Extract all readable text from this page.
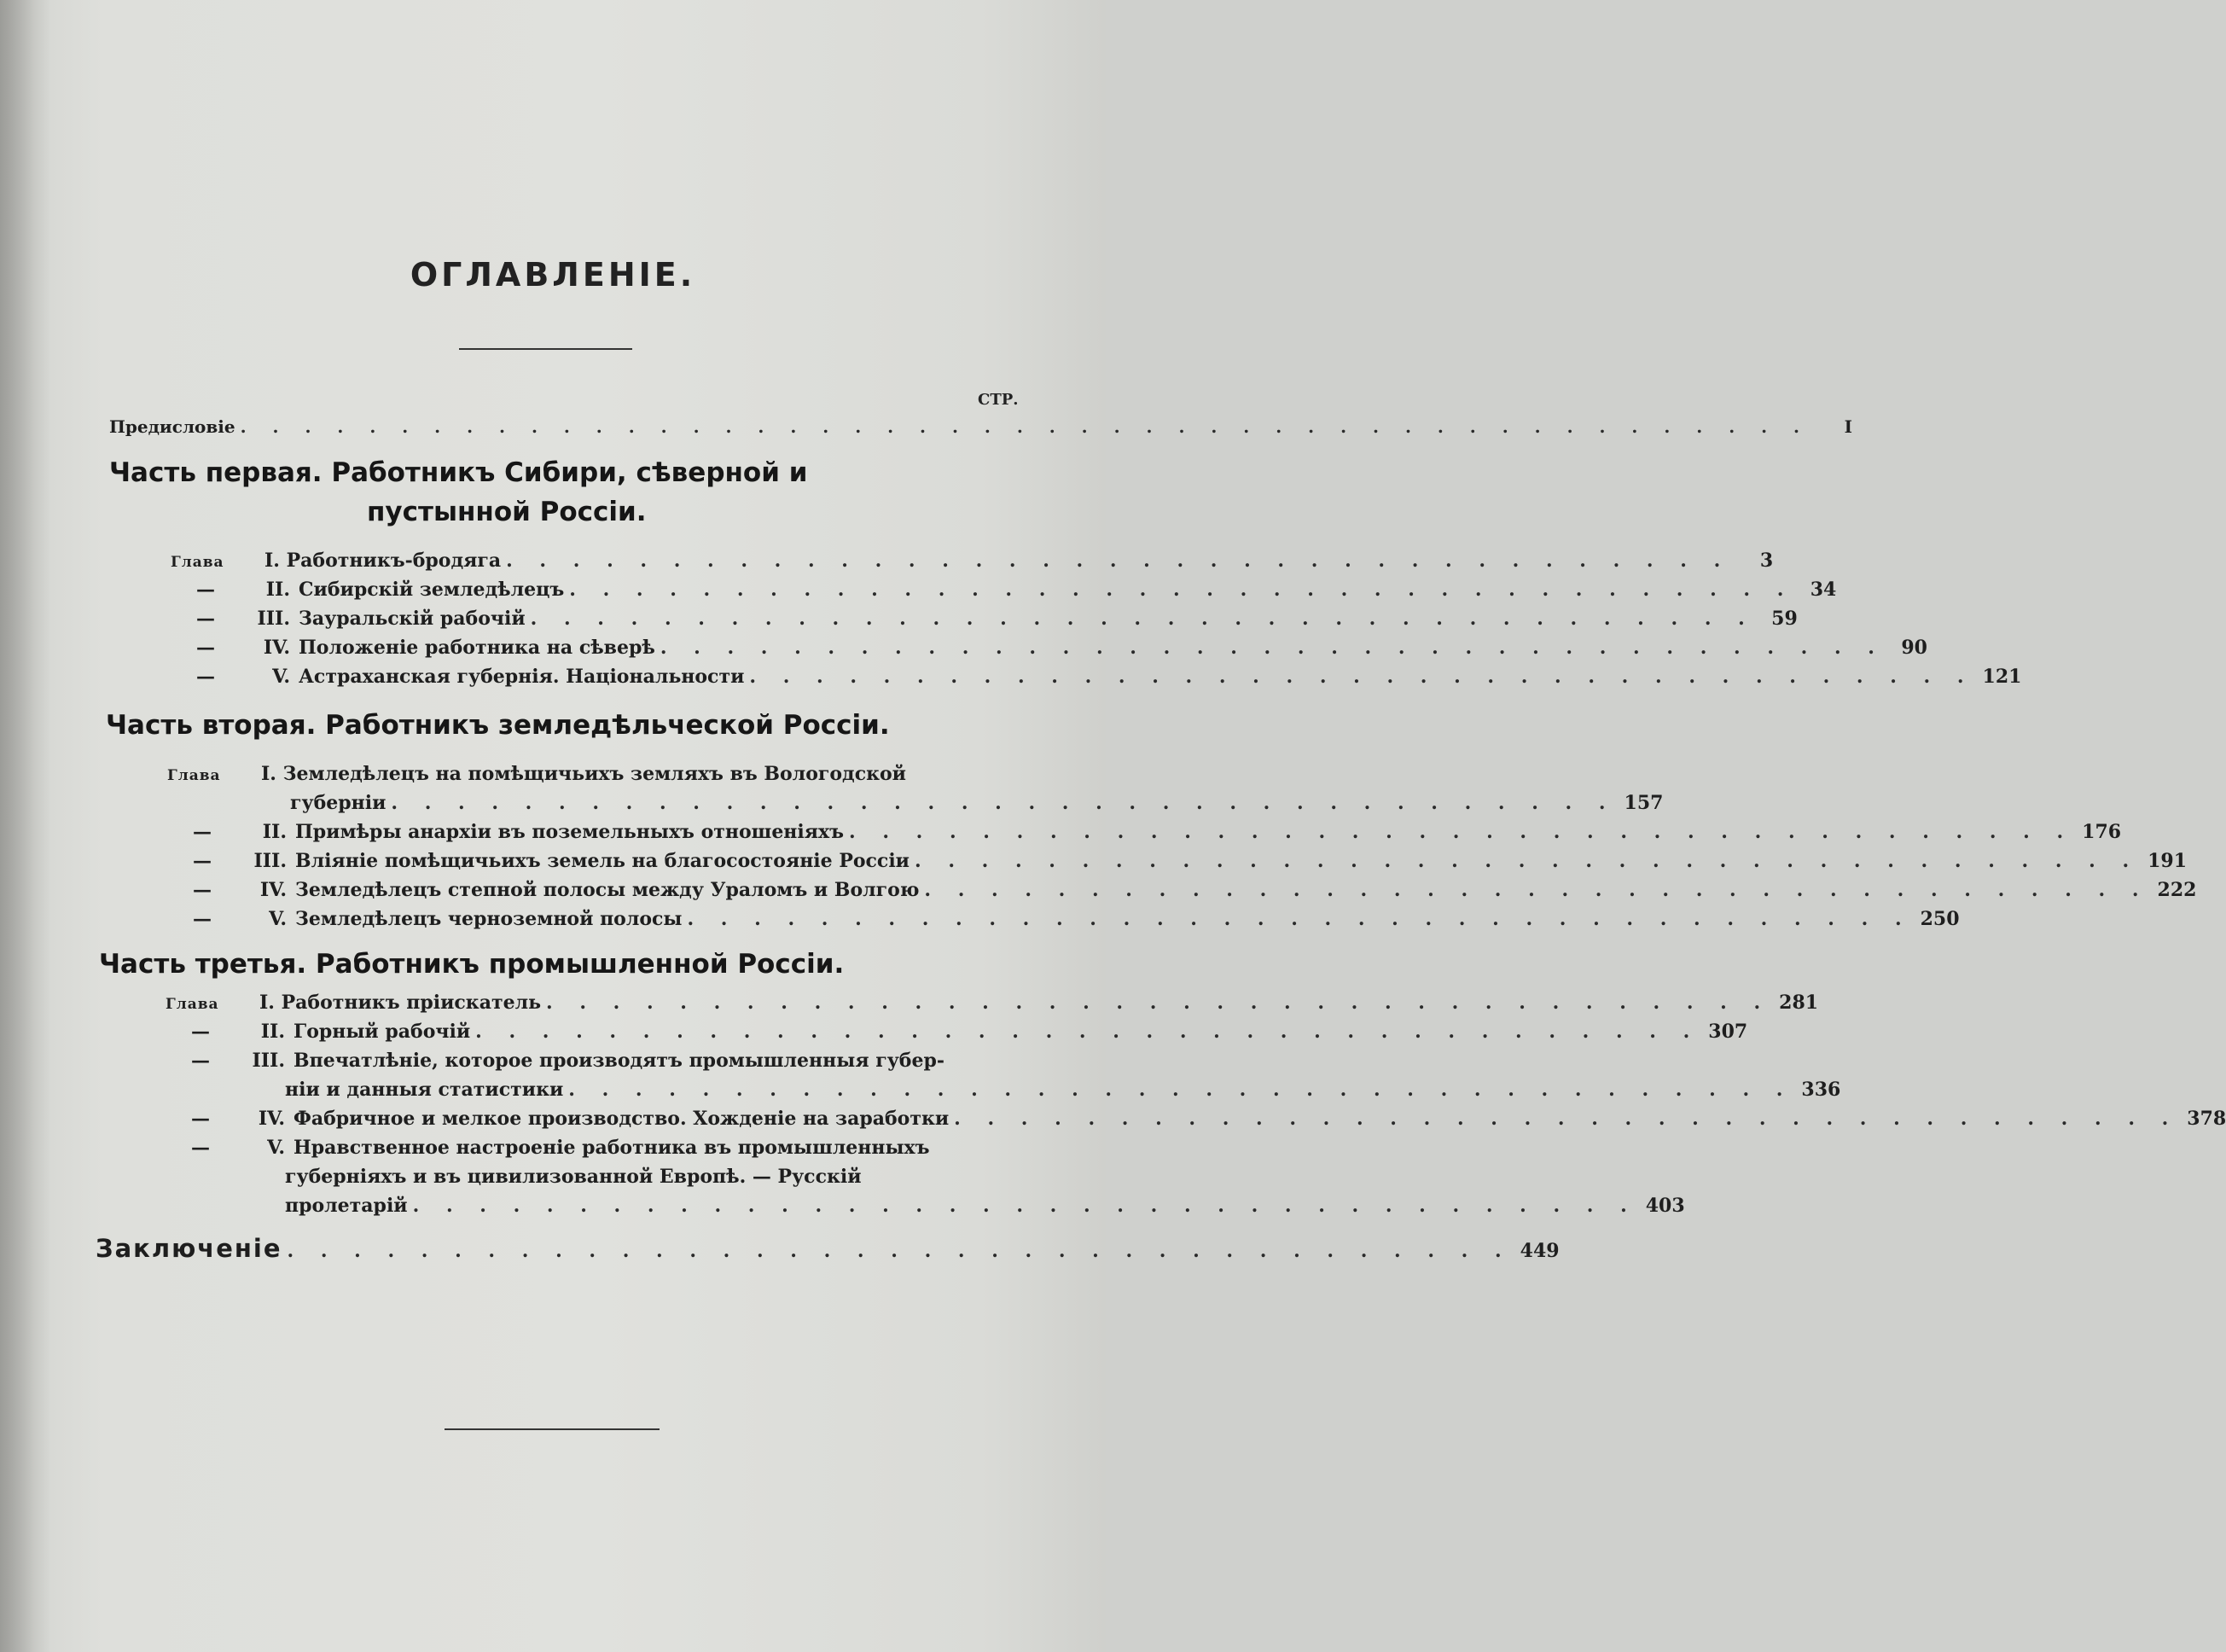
ОГЛАВЛЕНІЕ.
СТР.
Предисловіе . . . . . . . . . . . . . . . . . . . . . . . . . . . . . . . . . . . . . . . . . . . . . . . . .	I
Часть первая. Работникъ Сибири, сѣверной и
пустынной Россіи.
Глава I. Работникъ-бродяга . . . . . . . . . . . . . . . . . . . . . . . . . . . . . . . . . . . . .	3
—	II. Сибирскій земледѣлецъ . . . . . . . . . . . . . . . . . . . . . . . . . . . . . . . . . . . . . 34
— III. Зауральскій рабочій . . . . . . . . . . . . . . . . . . . . . . . . . . . . . . . . . . . . . 59
—	IV. Положеніе работника на сѣверѣ . . . . . . . . . . . . . . . . . . . . . . . . . . . . . . . . . . . . . 90
—	V. Астраханская губернія. Національности . . . . . . . . . . . . . . . . . . . . . . . . . . . . . . . . . . . . . 121
Часть вторая. Работникъ земледѣльческой Россіи.
Глава I. Земледѣлецъ на помѣщичьихъ земляхъ въ Вологодской
губерніи . . . . . . . . . . . . . . . . . . . . . . . . . . . . . . . . . . . . . 157
—	II. Примѣры анархіи въ поземельныхъ отношеніяхъ . . . . . . . . . . . . . . . . . . . . . . . . . . . . . . . . . . . . . 176
— III. Вліяніе помѣщичьихъ земель на благосостояніе Россіи . . . . . . . . . . . . . . . . . . . . . . . . . . . . . . . . . . . . . 191
—	IV. Земледѣлецъ степной полосы между Ураломъ и Волгою . . . . . . . . . . . . . . . . . . . . . . . . . . . . . . . . . . . . . 222
—	V. Земледѣлецъ черноземной полосы . . . . . . . . . . . . . . . . . . . . . . . . . . . . . . . . . . . . . 250
Часть третья. Работникъ промышленной Россіи.
Глава I. Работникъ пріискатель . . . . . . . . . . . . . . . . . . . . . . . . . . . . . . . . . . . . . 281
—	II. Горный рабочій . . . . . . . . . . . . . . . . . . . . . . . . . . . . . . . . . . . . . 307
— III. Впечатлѣніе, которое производятъ промышленныя губер-
ніи и данныя статистики . . . . . . . . . . . . . . . . . . . . . . . . . . . . . . . . . . . . . 336
—	IV. Фабричное и мелкое производство. Хожденіе на заработки . . . . . . . . . . . . . . . . . . . . . . . . . . . . . . . . . . . . . 378
—	V. Нравственное настроеніе работника въ промышленныхъ
губерніяхъ и въ цивилизованной Европѣ. — Русскій
пролетарій . . . . . . . . . . . . . . . . . . . . . . . . . . . . . . . . . . . . . 403
Заключеніе . . . . . . . . . . . . . . . . . . . . . . . . . . . . . . . . . . . . . 449
